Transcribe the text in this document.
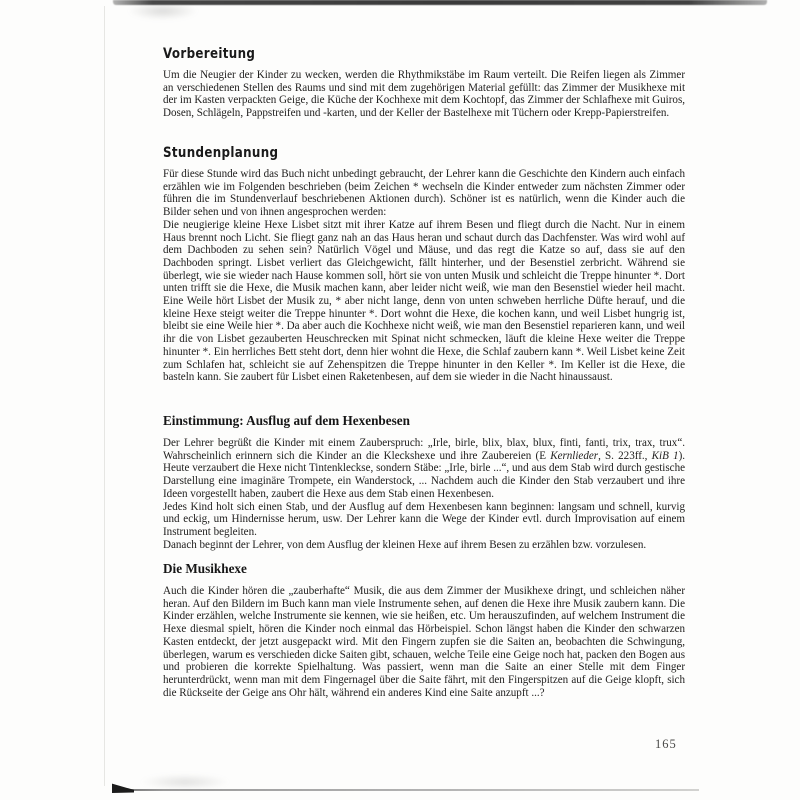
Vorbereitung

Um die Neugier der Kinder zu wecken, werden die Rhythmikstäbe im Raum verteilt. Die Reifen liegen als Zimmer an verschiedenen Stellen des Raums und sind mit dem zugehörigen Material gefüllt: das Zimmer der Musikhexe mit der im Kasten verpackten Geige, die Küche der Kochhexe mit dem Kochtopf, das Zimmer der Schlafhexe mit Guiros, Dosen, Schlägeln, Pappstreifen und -karten, und der Keller der Bastelhexe mit Tüchern oder Krepp-Papierstreifen.

Stundenplanung

Für diese Stunde wird das Buch nicht unbedingt gebraucht, der Lehrer kann die Geschichte den Kindern auch einfach erzählen wie im Folgenden beschrieben (beim Zeichen * wechseln die Kinder entweder zum nächsten Zimmer oder führen die im Stundenverlauf beschriebenen Aktionen durch). Schöner ist es natürlich, wenn die Kinder auch die Bilder sehen und von ihnen angesprochen werden:

Die neugierige kleine Hexe Lisbet sitzt mit ihrer Katze auf ihrem Besen und fliegt durch die Nacht. Nur in einem Haus brennt noch Licht. Sie fliegt ganz nah an das Haus heran und schaut durch das Dachfenster. Was wird wohl auf dem Dachboden zu sehen sein? Natürlich Vögel und Mäuse, und das regt die Katze so auf, dass sie auf den Dachboden springt. Lisbet verliert das Gleichgewicht, fällt hinterher, und der Besenstiel zerbricht. Während sie überlegt, wie sie wieder nach Hause kommen soll, hört sie von unten Musik und schleicht die Treppe hinunter *. Dort unten trifft sie die Hexe, die Musik machen kann, aber leider nicht weiß, wie man den Besenstiel wieder heil macht. Eine Weile hört Lisbet der Musik zu, * aber nicht lange, denn von unten schweben herrliche Düfte herauf, und die kleine Hexe steigt weiter die Treppe hinunter *. Dort wohnt die Hexe, die kochen kann, und weil Lisbet hungrig ist, bleibt sie eine Weile hier *. Da aber auch die Kochhexe nicht weiß, wie man den Besenstiel reparieren kann, und weil ihr die von Lisbet gezauberten Heuschrecken mit Spinat nicht schmecken, läuft die kleine Hexe weiter die Treppe hinunter *. Ein herrliches Bett steht dort, denn hier wohnt die Hexe, die Schlaf zaubern kann *. Weil Lisbet keine Zeit zum Schlafen hat, schleicht sie auf Zehenspitzen die Treppe hinunter in den Keller *. Im Keller ist die Hexe, die basteln kann. Sie zaubert für Lisbet einen Raketenbesen, auf dem sie wieder in die Nacht hinaussaust.

Einstimmung: Ausflug auf dem Hexenbesen

Der Lehrer begrüßt die Kinder mit einem Zauberspruch: „Irle, birle, blix, blax, blux, finti, fanti, trix, trax, trux“. Wahrscheinlich erinnern sich die Kinder an die Kleckshexe und ihre Zaubereien (E Kernlieder, S. 223ff., KiB 1). Heute verzaubert die Hexe nicht Tintenkleckse, sondern Stäbe: „Irle, birle ...“, und aus dem Stab wird durch gestische Darstellung eine imaginäre Trompete, ein Wanderstock, ... Nachdem auch die Kinder den Stab verzaubert und ihre Ideen vorgestellt haben, zaubert die Hexe aus dem Stab einen Hexenbesen.

Jedes Kind holt sich einen Stab, und der Ausflug auf dem Hexenbesen kann beginnen: langsam und schnell, kurvig und eckig, um Hindernisse herum, usw. Der Lehrer kann die Wege der Kinder evtl. durch Improvisation auf einem Instrument begleiten.

Danach beginnt der Lehrer, von dem Ausflug der kleinen Hexe auf ihrem Besen zu erzählen bzw. vorzulesen.

Die Musikhexe

Auch die Kinder hören die „zauberhafte“ Musik, die aus dem Zimmer der Musikhexe dringt, und schleichen näher heran. Auf den Bildern im Buch kann man viele Instrumente sehen, auf denen die Hexe ihre Musik zaubern kann. Die Kinder erzählen, welche Instrumente sie kennen, wie sie heißen, etc. Um herauszufinden, auf welchem Instrument die Hexe diesmal spielt, hören die Kinder noch einmal das Hörbeispiel. Schon längst haben die Kinder den schwarzen Kasten entdeckt, der jetzt ausgepackt wird. Mit den Fingern zupfen sie die Saiten an, beobachten die Schwingung, überlegen, warum es verschieden dicke Saiten gibt, schauen, welche Teile eine Geige noch hat, packen den Bogen aus und probieren die korrekte Spielhaltung. Was passiert, wenn man die Saite an einer Stelle mit dem Finger herunterdrückt, wenn man mit dem Fingernagel über die Saite fährt, mit den Fingerspitzen auf die Geige klopft, sich die Rückseite der Geige ans Ohr hält, während ein anderes Kind eine Saite anzupft ...?

165
